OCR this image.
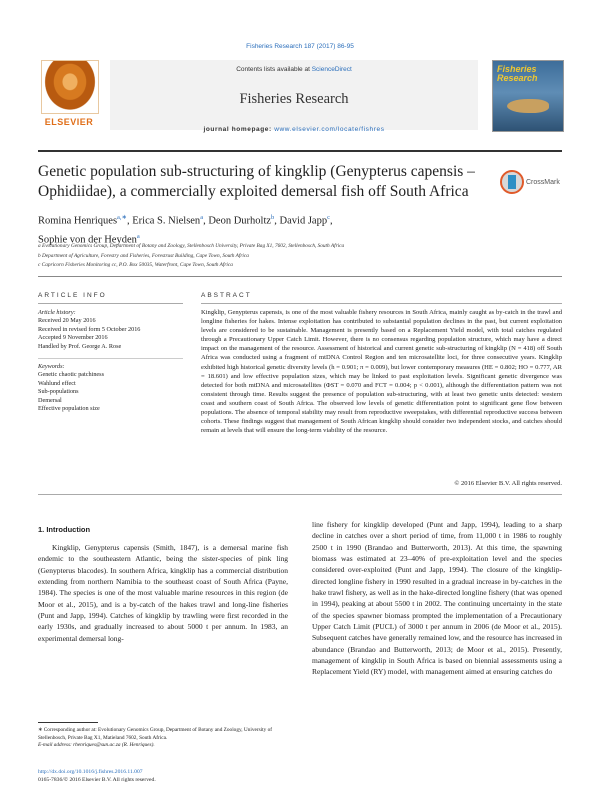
Fisheries Research 187 (2017) 86-95
ELSEVIER
Contents lists available at ScienceDirect
Fisheries Research
journal homepage: www.elsevier.com/locate/fishres
Fisheries Research
Genetic population sub-structuring of kingklip (Genypterus capensis – Ophidiidae), a commercially exploited demersal fish off South Africa
CrossMark
Romina Henriques$^{a,∗}$, Erica S. Nielsen$^a$, Deon Durholtz$^b$, David Japp$^c$,
Sophie von der Heyden$^a$
a Evolutionary Genomics Group, Department of Botany and Zoology, Stellenbosch University, Private Bag X1, 7602, Stellenbosch, South Africa
b Department of Agriculture, Forestry and Fisheries, Forestrust Building, Cape Town, South Africa
c Capricorn Fisheries Monitoring cc, P.O. Box 50035, Waterfront, Cape Town, South Africa
ARTICLE INFO	ABSTRACT
Article history:
Received 20 May 2016
Received in revised form 5 October 2016
Accepted 9 November 2016
Handled by Prof. George A. Rose
Keywords:
Genetic chaotic patchiness
Wahlund effect
Sub-populations
Demersal
Effective population size
Kingklip, Genypterus capensis, is one of the most valuable fishery resources in South Africa, mainly caught as by-catch in the trawl and longline fisheries for hakes. Intense exploitation has contributed to substantial population declines in the past, but current exploitation levels are considered to be sustainable. Management is presently based on a Replacement Yield model, with total catches regulated through a Precautionary Upper Catch Limit. However, there is no consensus regarding population structure, which may have a direct impact on the management of the resource. Assessment of historical and current genetic sub-structuring of kingklip (N = 418) off South Africa was conducted using a fragment of mtDNA Control Region and ten microsatellite loci, for three consecutive years. Kingklip exhibited high historical genetic diversity levels (h = 0.901; π = 0.009), but lower contemporary measures (HE = 0.802; HO = 0.777, AR = 18.601) and low effective population sizes, which may be linked to past exploitation levels. Significant genetic divergence was detected for both mtDNA and microsatellites (ΦST = 0.070 and FCT = 0.004; p < 0.001), although the differentiation pattern was not consistent through time. Results suggest the presence of population sub-structuring, with at least two genetic units detected: western coast and southern coast of South Africa. The observed low levels of genetic differentiation point to significant gene flow between populations. The absence of temporal stability may result from reproductive sweepstakes, with differential reproductive success between cohorts. These findings suggest that management of South African kingklip should consider two independent stocks, and catches should remain at levels that will ensure the long-term viability of the resource.
© 2016 Elsevier B.V. All rights reserved.
1. Introduction
Kingklip, Genypterus capensis (Smith, 1847), is a demersal marine fish endemic to the southeastern Atlantic, being the sister-species of pink ling (Genypterus blacodes). In southern Africa, kingklip has a commercial distribution extending from northern Namibia to the southeast coast of South Africa (Payne, 1984). The species is one of the most valuable marine resources in this region (de Moor et al., 2015), and is a by-catch of the hakes trawl and long-line fisheries (Punt and Japp, 1994). Catches of kingklip by trawling were first recorded in the early 1930s, and gradually increased to about 5000 t per annum. In 1983, an experimental demersal long-
line fishery for kingklip developed (Punt and Japp, 1994), leading to a sharp decline in catches over a short period of time, from 11,000 t in 1986 to roughly 2500 t in 1990 (Brandao and Butterworth, 2013). At this time, the spawning biomass was estimated at 23–40% of pre-exploitation level and the species considered over-exploited (Punt and Japp, 1994). The closure of the kingklip-directed longline fishery in 1990 resulted in a gradual increase in by-catches in the hake trawl fishery, as well as in the hake-directed longline fishery (that was opened in 1994), peaking at about 5500 t in 2002. The continuing uncertainty in the state of the species spawner biomass prompted the implementation of a Precautionary Upper Catch Limit (PUCL) of 3000 t per annum in 2006 (de Moor et al., 2015). Subsequent catches have generally remained low, and the resource has increased in abundance (Brandao and Butterworth, 2013; de Moor et al., 2015). Presently, management of kingklip in South Africa is based on biennial assessments using a Replacement Yield (RY) model, with management aimed at ensuring catches do
∗ Corresponding author at: Evolutionary Genomics Group, Department of Botany and Zoology, University of Stellenbosch, Private Bag X1, Matieland 7602, South Africa.
E-mail address: rhenriques@sun.ac.za (R. Henriques).
http://dx.doi.org/10.1016/j.fishres.2016.11.007
0165-7836/© 2016 Elsevier B.V. All rights reserved.
